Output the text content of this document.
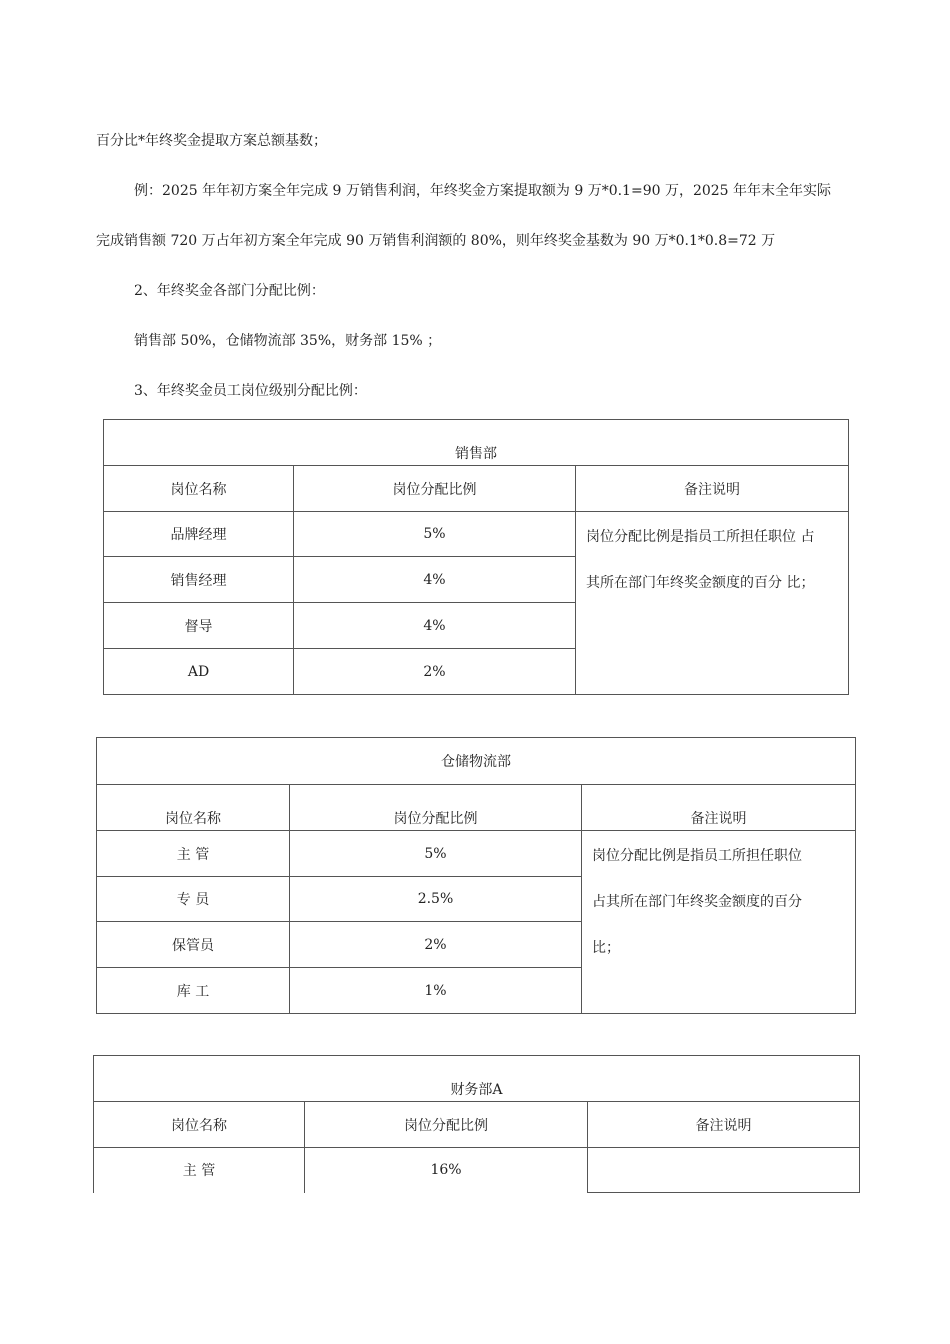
百分比*年终奖金提取方案总额基数；
例：2025 年年初方案全年完成 9 万销售利润，年终奖金方案提取额为 9 万*0.1=90 万，2025 年年末全年实际
完成销售额 720 万占年初方案全年完成 90 万销售利润额的 80%，则年终奖金基数为 90 万*0.1*0.8=72 万
2、年终奖金各部门分配比例：
销售部 50%，仓储物流部 35%，财务部 15% ；
3、年终奖金员工岗位级别分配比例：
销售部		
岗位名称	岗位分配比例	备注说明
品牌经理	5%	岗位分配比例是指员工所担任职位 占
其所在部门年终奖金额度的百分 比；

销售经理	4%	
督导	4%	
AD	2%	
仓储物流部		
岗位名称	岗位分配比例	备注说明
主 管	5%	岗位分配比例是指员工所担任职位
占其所在部门年终奖金额度的百分
比；

专 员	2.5%	
保管员	2%	
库 工	1%	
财务部A		
岗位名称	岗位分配比例	备注说明
主 管	16%	
